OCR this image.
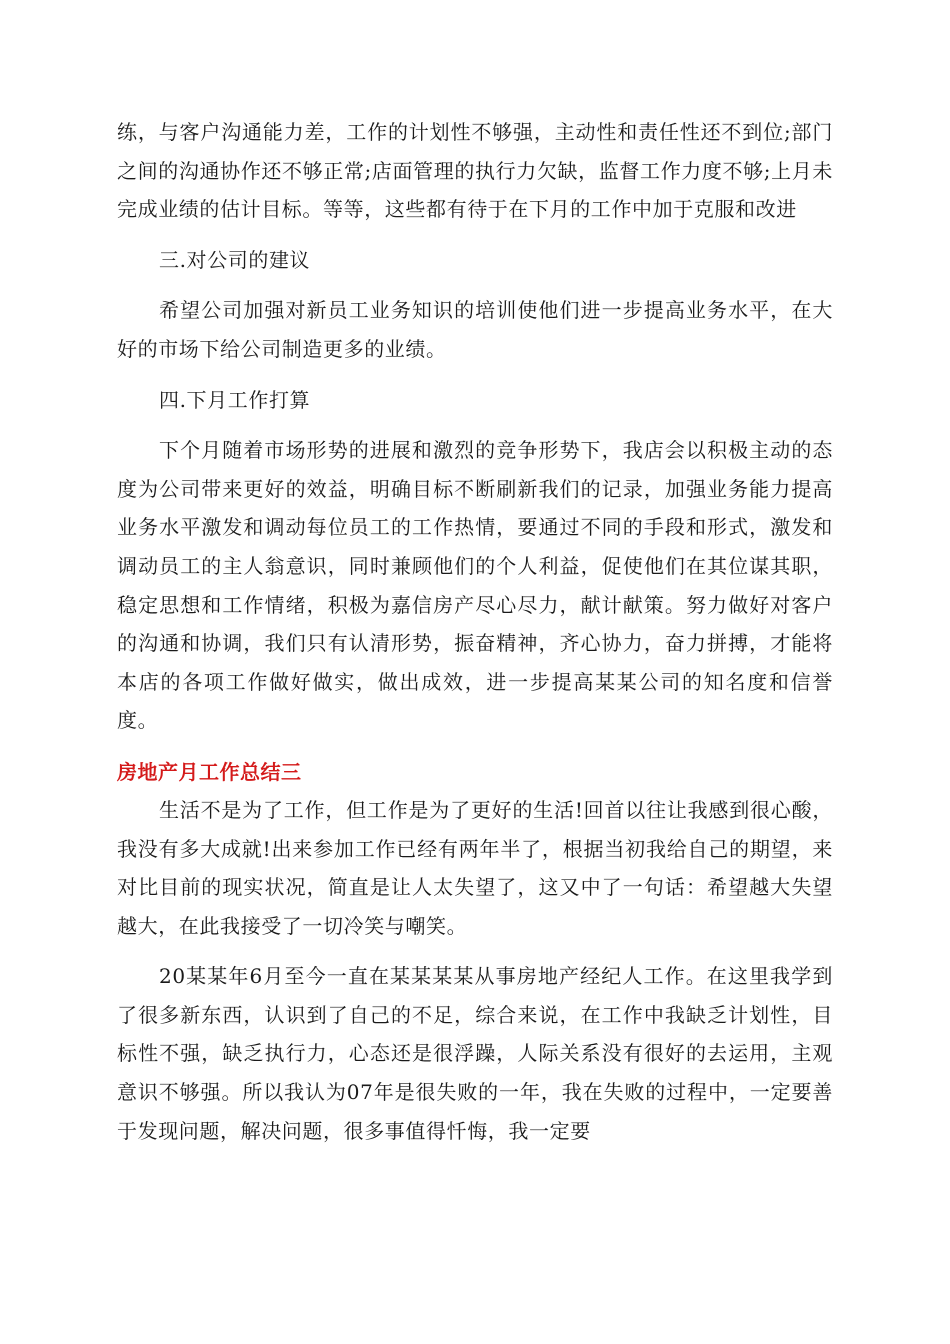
练，与客户沟通能力差，工作的计划性不够强，主动性和责任性还不到位;部门之间的沟通协作还不够正常;店面管理的执行力欠缺，监督工作力度不够;上月未完成业绩的估计目标。等等，这些都有待于在下月的工作中加于克服和改进

三.对公司的建议

希望公司加强对新员工业务知识的培训使他们进一步提高业务水平，在大好的市场下给公司制造更多的业绩。

四.下月工作打算

下个月随着市场形势的进展和激烈的竞争形势下，我店会以积极主动的态度为公司带来更好的效益，明确目标不断刷新我们的记录，加强业务能力提高业务水平激发和调动每位员工的工作热情，要通过不同的手段和形式，激发和调动员工的主人翁意识，同时兼顾他们的个人利益，促使他们在其位谋其职，稳定思想和工作情绪，积极为嘉信房产尽心尽力，献计献策。努力做好对客户的沟通和协调，我们只有认清形势，振奋精神，齐心协力，奋力拼搏，才能将本店的各项工作做好做实，做出成效，进一步提高某某公司的知名度和信誉度。

房地产月工作总结三

生活不是为了工作，但工作是为了更好的生活!回首以往让我感到很心酸，我没有多大成就!出来参加工作已经有两年半了，根据当初我给自己的期望，来对比目前的现实状况，简直是让人太失望了，这又中了一句话：希望越大失望越大，在此我接受了一切冷笑与嘲笑。

20某某年6月至今一直在某某某某从事房地产经纪人工作。在这里我学到了很多新东西，认识到了自己的不足，综合来说，在工作中我缺乏计划性，目标性不强，缺乏执行力，心态还是很浮躁，人际关系没有很好的去运用，主观意识不够强。所以我认为07年是很失败的一年，我在失败的过程中，一定要善于发现问题，解决问题，很多事值得忏悔，我一定要
